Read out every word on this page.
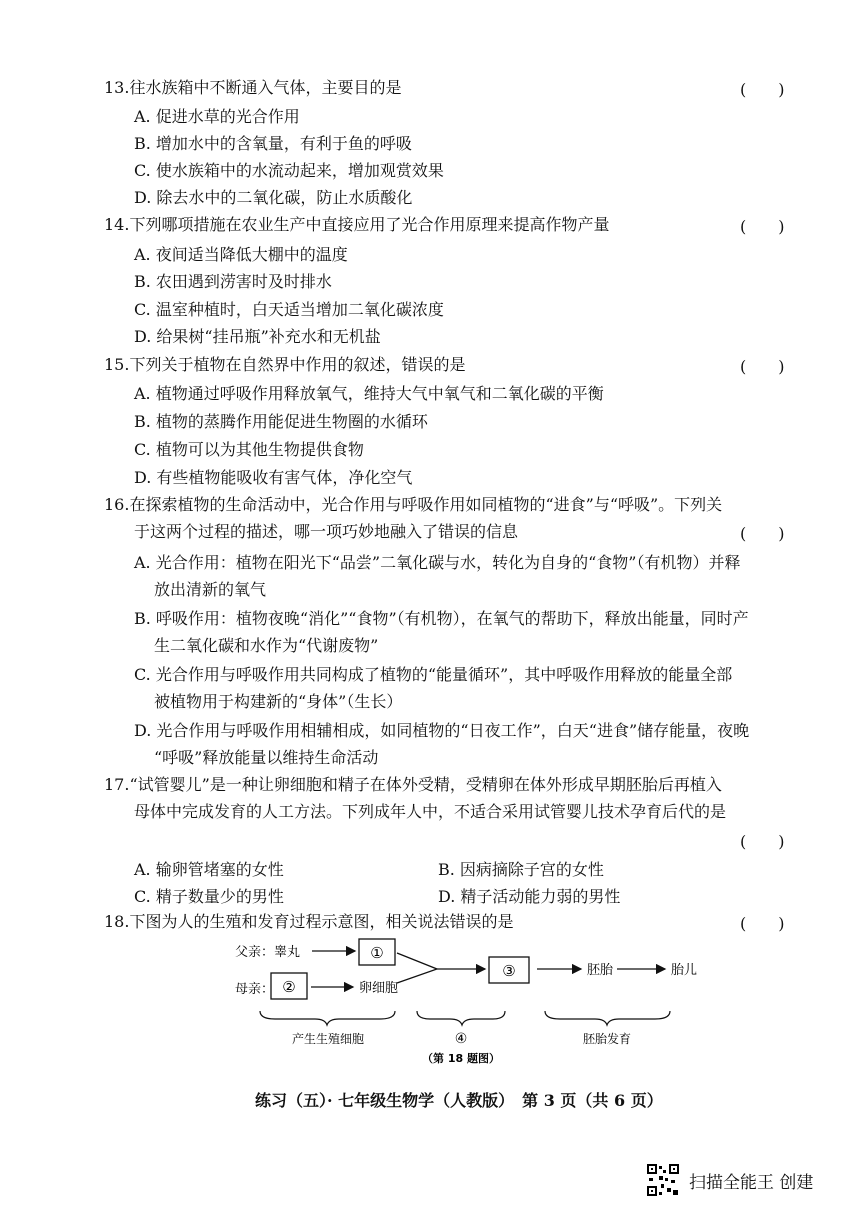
13.往水族箱中不断通入气体，主要目的是	(　　)
A. 促进水草的光合作用
B. 增加水中的含氧量，有利于鱼的呼吸
C. 使水族箱中的水流动起来，增加观赏效果
D. 除去水中的二氧化碳，防止水质酸化
14.下列哪项措施在农业生产中直接应用了光合作用原理来提高作物产量	(　　)
A. 夜间适当降低大棚中的温度
B. 农田遇到涝害时及时排水
C. 温室种植时，白天适当增加二氧化碳浓度
D. 给果树“挂吊瓶”补充水和无机盐
15.下列关于植物在自然界中作用的叙述，错误的是	(　　)
A. 植物通过呼吸作用释放氧气，维持大气中氧气和二氧化碳的平衡
B. 植物的蒸腾作用能促进生物圈的水循环
C. 植物可以为其他生物提供食物
D. 有些植物能吸收有害气体，净化空气
16.在探索植物的生命活动中，光合作用与呼吸作用如同植物的“进食”与“呼吸”。下列关
于这两个过程的描述，哪一项巧妙地融入了错误的信息	(　　)
A. 光合作用：植物在阳光下“品尝”二氧化碳与水，转化为自身的“食物”（有机物）并释
放出清新的氧气
B. 呼吸作用：植物夜晚“消化”“食物”（有机物），在氧气的帮助下，释放出能量，同时产
生二氧化碳和水作为“代谢废物”
C. 光合作用与呼吸作用共同构成了植物的“能量循环”，其中呼吸作用释放的能量全部
被植物用于构建新的“身体”（生长）
D. 光合作用与呼吸作用相辅相成，如同植物的“日夜工作”，白天“进食”储存能量，夜晚
“呼吸”释放能量以维持生命活动
17.“试管婴儿”是一种让卵细胞和精子在体外受精，受精卵在体外形成早期胚胎后再植入
母体中完成发育的人工方法。下列成年人中，不适合采用试管婴儿技术孕育后代的是
(　　)
A. 输卵管堵塞的女性	B. 因病摘除子宫的女性
C. 精子数量少的男性	D. 精子活动能力弱的男性
18.下图为人的生殖和发育过程示意图，相关说法错误的是	(　　)
父亲：睾丸	①
母亲： ②	卵细胞
③	胚胎	胎儿
产生生殖细胞	④	胚胎发育
（第 18 题图）
练习（五）· 七年级生物学（人教版）　第 3 页（共 6 页）
扫描全能王 创建
